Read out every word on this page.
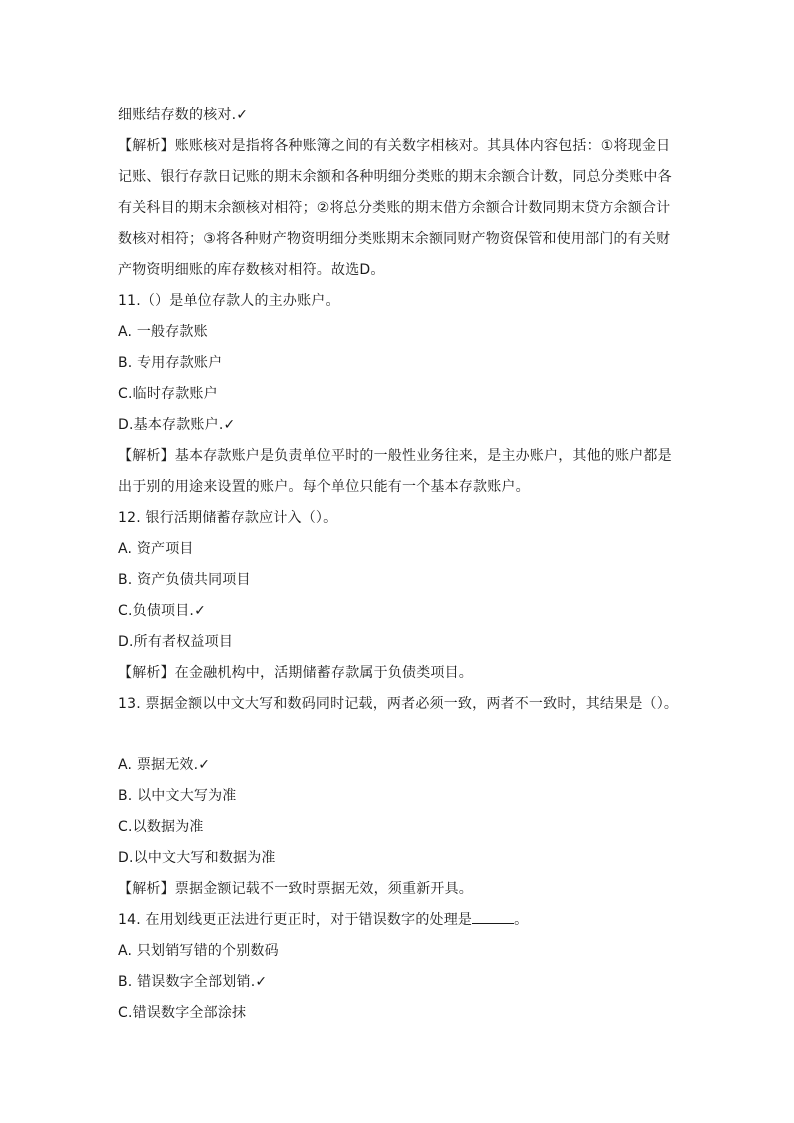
细账结存数的核对.✓
【解析】账账核对是指将各种账簿之间的有关数字相核对。其具体内容包括：①将现金日
记账、银行存款日记账的期末余额和各种明细分类账的期末余额合计数，同总分类账中各
有关科目的期末余额核对相符；②将总分类账的期末借方余额合计数同期末贷方余额合计
数核对相符；③将各种财产物资明细分类账期末余额同财产物资保管和使用部门的有关财
产物资明细账的库存数核对相符。故选D。
11.（）是单位存款人的主办账户。
A. 一般存款账
B. 专用存款账户
C.临时存款账户
D.基本存款账户.✓
【解析】基本存款账户是负责单位平时的一般性业务往来，是主办账户，其他的账户都是
出于别的用途来设置的账户。每个单位只能有一个基本存款账户。
12. 银行活期储蓄存款应计入（）。
A. 资产项目
B. 资产负债共同项目
C.负债项目.✓
D.所有者权益项目
【解析】在金融机构中，活期储蓄存款属于负债类项目。
13. 票据金额以中文大写和数码同时记载，两者必须一致，两者不一致时，其结果是（）。
A. 票据无效.✓
B. 以中文大写为准
C.以数据为准
D.以中文大写和数据为准
【解析】票据金额记载不一致时票据无效，须重新开具。
14. 在用划线更正法进行更正时，对于错误数字的处理是	。
A. 只划销写错的个别数码
B. 错误数字全部划销.✓
C.错误数字全部涂抹
